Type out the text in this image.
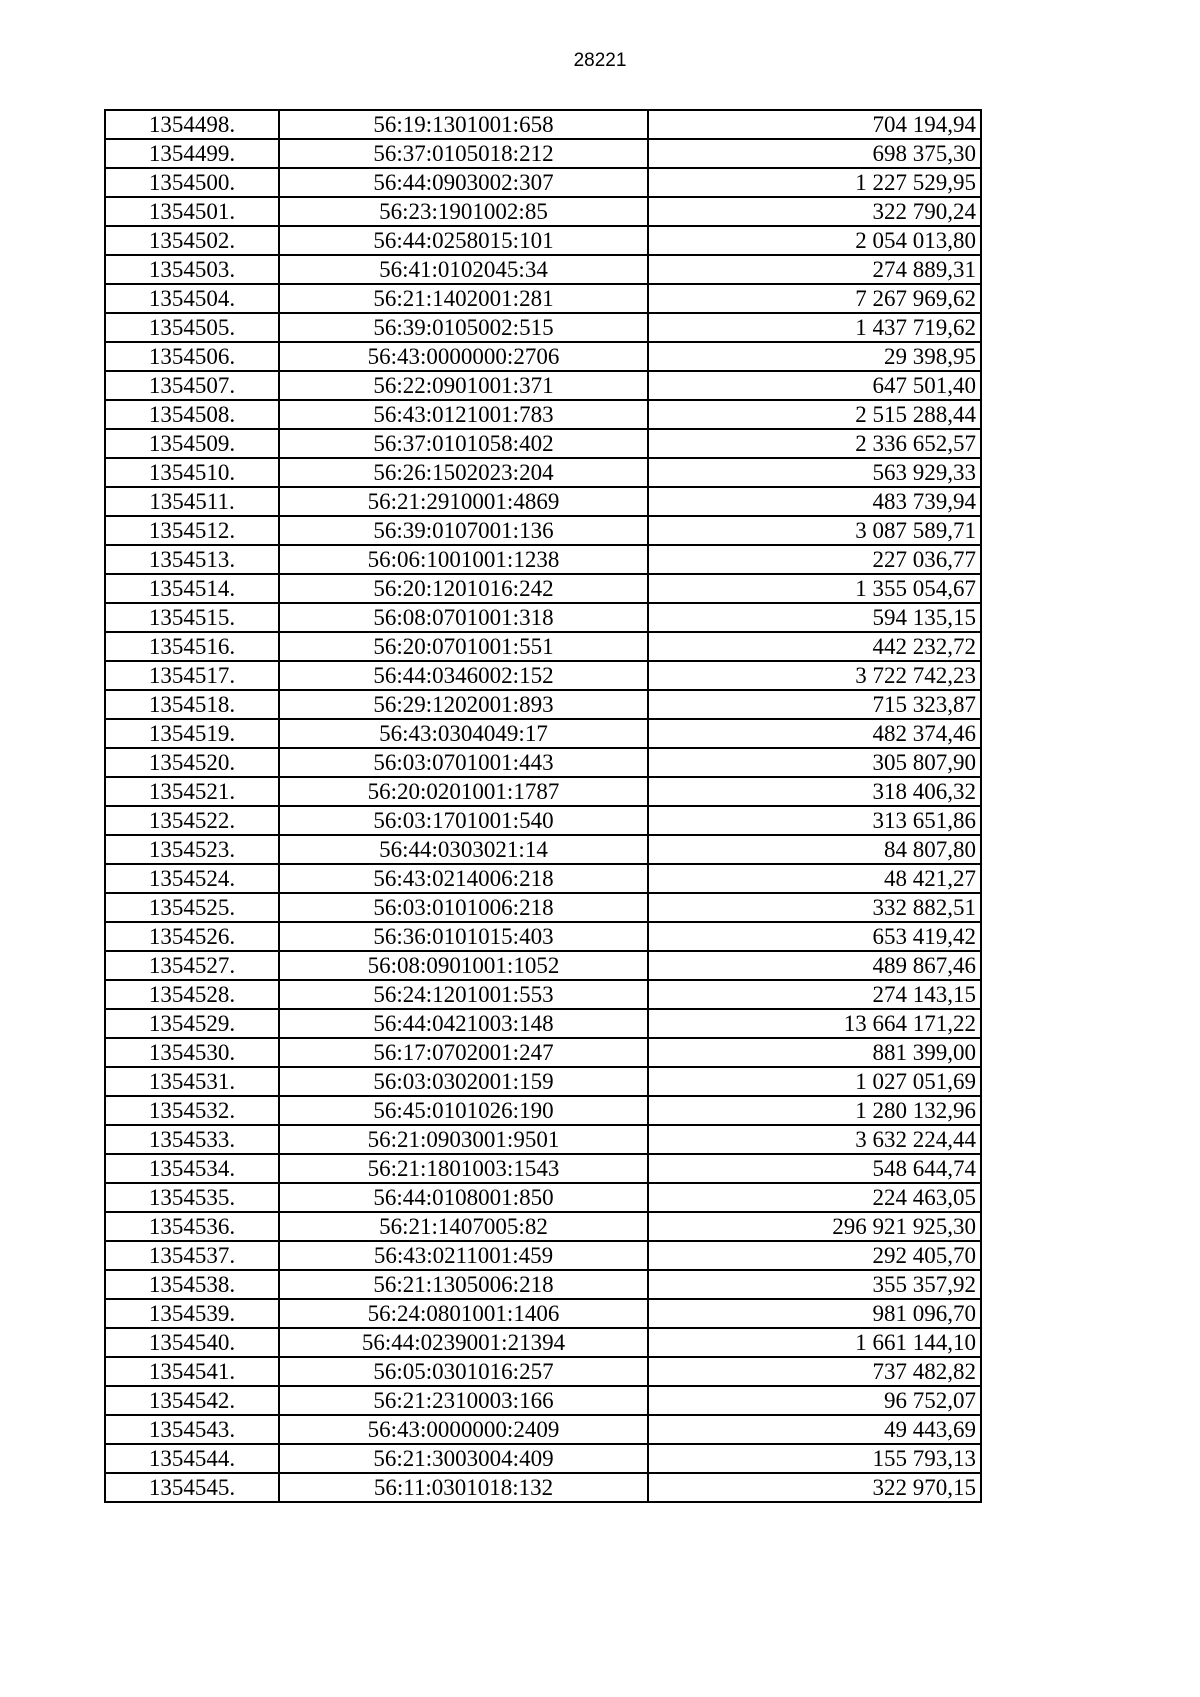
28221
1354498.	56:19:1301001:658	704 194,94
1354499.	56:37:0105018:212	698 375,30
1354500.	56:44:0903002:307	1 227 529,95
1354501.	56:23:1901002:85	322 790,24
1354502.	56:44:0258015:101	2 054 013,80
1354503.	56:41:0102045:34	274 889,31
1354504.	56:21:1402001:281	7 267 969,62
1354505.	56:39:0105002:515	1 437 719,62
1354506.	56:43:0000000:2706	29 398,95
1354507.	56:22:0901001:371	647 501,40
1354508.	56:43:0121001:783	2 515 288,44
1354509.	56:37:0101058:402	2 336 652,57
1354510.	56:26:1502023:204	563 929,33
1354511.	56:21:2910001:4869	483 739,94
1354512.	56:39:0107001:136	3 087 589,71
1354513.	56:06:1001001:1238	227 036,77
1354514.	56:20:1201016:242	1 355 054,67
1354515.	56:08:0701001:318	594 135,15
1354516.	56:20:0701001:551	442 232,72
1354517.	56:44:0346002:152	3 722 742,23
1354518.	56:29:1202001:893	715 323,87
1354519.	56:43:0304049:17	482 374,46
1354520.	56:03:0701001:443	305 807,90
1354521.	56:20:0201001:1787	318 406,32
1354522.	56:03:1701001:540	313 651,86
1354523.	56:44:0303021:14	84 807,80
1354524.	56:43:0214006:218	48 421,27
1354525.	56:03:0101006:218	332 882,51
1354526.	56:36:0101015:403	653 419,42
1354527.	56:08:0901001:1052	489 867,46
1354528.	56:24:1201001:553	274 143,15
1354529.	56:44:0421003:148	13 664 171,22
1354530.	56:17:0702001:247	881 399,00
1354531.	56:03:0302001:159	1 027 051,69
1354532.	56:45:0101026:190	1 280 132,96
1354533.	56:21:0903001:9501	3 632 224,44
1354534.	56:21:1801003:1543	548 644,74
1354535.	56:44:0108001:850	224 463,05
1354536.	56:21:1407005:82	296 921 925,30
1354537.	56:43:0211001:459	292 405,70
1354538.	56:21:1305006:218	355 357,92
1354539.	56:24:0801001:1406	981 096,70
1354540.	56:44:0239001:21394	1 661 144,10
1354541.	56:05:0301016:257	737 482,82
1354542.	56:21:2310003:166	96 752,07
1354543.	56:43:0000000:2409	49 443,69
1354544.	56:21:3003004:409	155 793,13
1354545.	56:11:0301018:132	322 970,15
